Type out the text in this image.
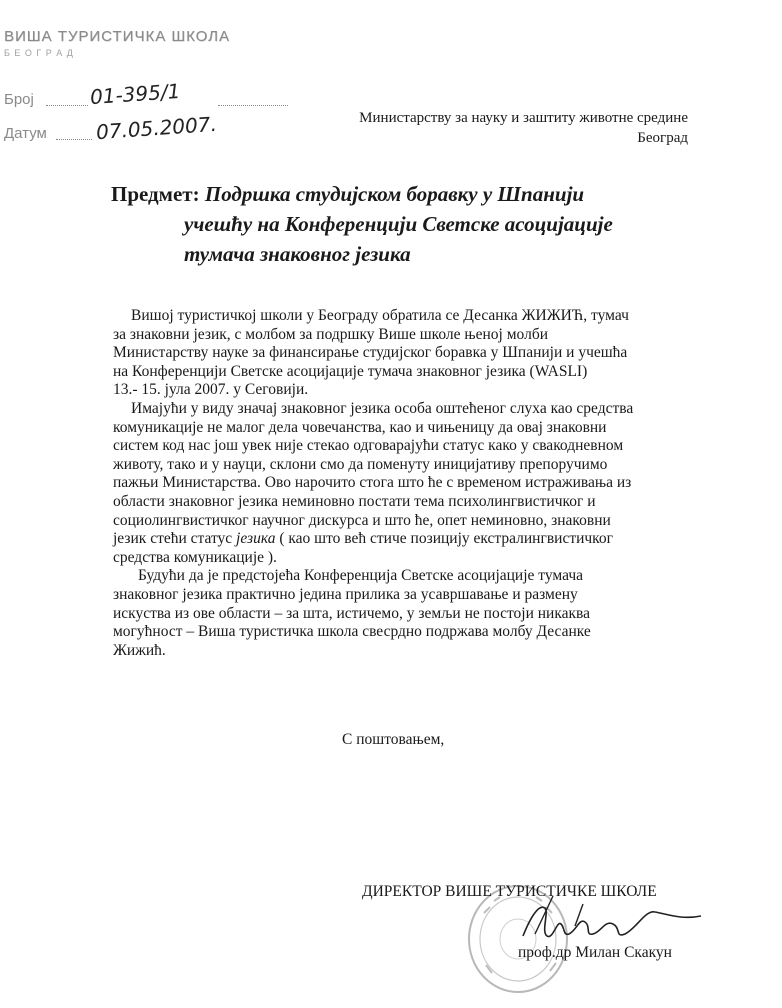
ВИША ТУРИСТИЧКА ШКОЛА
Б Е О Г Р А Д
Број	01-395/1
Датум 07.05.2007.	Министарству за науку и заштиту животне средине
Београд
Предмет: Подршка студијском боравку у Шпанији
учешћу на Конференцији Светске асоцијације
тумача знаковног језика

Вишој туристичкој школи у Београду обратила се Десанка ЖИЖИЋ, тумач
за знаковни језик, с молбом за подршку Више школе њеној молби
Министарству науке за финансирање студијског боравка у Шпанији и учешћа
на Конференцији Светске асоцијације тумача знаковног језика (WASLI)
13.- 15. јула 2007. у Сеговији.

Имајући у виду значај знаковног језика особа оштећеног слуха као средства
комуникације не малог дела човечанства, као и чињеницу да овај знаковни
систем код нас још увек није стекао одговарајући статус како у свакодневном
животу, тако и у науци, склони смо да поменуту иницијативу препоручимо
пажњи Министарства. Ово нарочито стога што ће с временом истраживања из
области знаковног језика неминовно постати тема психолингвистичког и
социолингвистичког научног дискурса и што ће, опет неминовно, знаковни
језик стећи статус језика ( као што већ стиче позицију екстралингвистичког
средства комуникације ).

Будући да је предстојећа Конференција Светске асоцијације тумача
знаковног језика практично једина прилика за усавршавање и размену
искуства из ове области – за шта, истичемо, у земљи не постоји никаква
могућност – Виша туристичка школа свесрдно подржава молбу Десанке
Жижић.

С поштовањем,
ДИРЕКТОР ВИШЕ ТУРИСТИЧКЕ ШКОЛЕ
проф.др Милан Скакун
